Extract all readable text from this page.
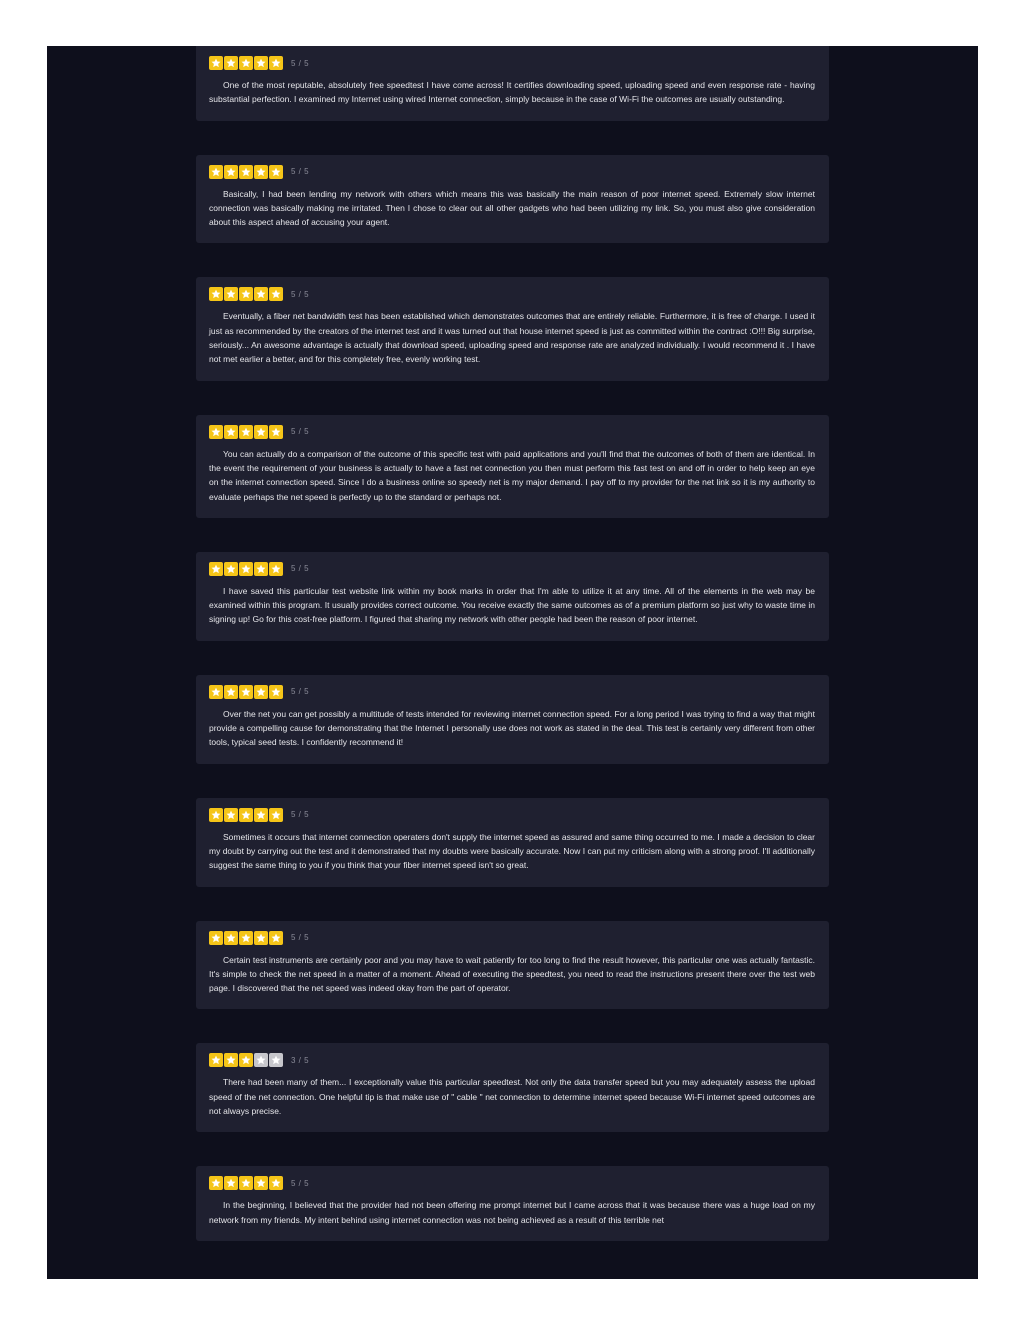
5 / 5

One of the most reputable, absolutely free speedtest I have come across! It certifies downloading speed, uploading speed and even response rate - having substantial perfection. I examined my Internet using wired Internet connection, simply because in the case of Wi-Fi the outcomes are usually outstanding.

5 / 5

Basically, I had been lending my network with others which means this was basically the main reason of poor internet speed. Extremely slow internet connection was basically making me irritated. Then I chose to clear out all other gadgets who had been utilizing my link. So, you must also give consideration about this aspect ahead of accusing your agent.

5 / 5

Eventually, a fiber net bandwidth test has been established which demonstrates outcomes that are entirely reliable. Furthermore, it is free of charge. I used it just as recommended by the creators of the internet test and it was turned out that house internet speed is just as committed within the contract :O!!! Big surprise, seriously... An awesome advantage is actually that download speed, uploading speed and response rate are analyzed individually. I would recommend it . I have not met earlier a better, and for this completely free, evenly working test.

5 / 5

You can actually do a comparison of the outcome of this specific test with paid applications and you'll find that the outcomes of both of them are identical. In the event the requirement of your business is actually to have a fast net connection you then must perform this fast test on and off in order to help keep an eye on the internet connection speed. Since I do a business online so speedy net is my major demand. I pay off to my provider for the net link so it is my authority to evaluate perhaps the net speed is perfectly up to the standard or perhaps not.

5 / 5

I have saved this particular test website link within my book marks in order that I'm able to utilize it at any time. All of the elements in the web may be examined within this program. It usually provides correct outcome. You receive exactly the same outcomes as of a premium platform so just why to waste time in signing up! Go for this cost-free platform. I figured that sharing my network with other people had been the reason of poor internet.

5 / 5

Over the net you can get possibly a multitude of tests intended for reviewing internet connection speed. For a long period I was trying to find a way that might provide a compelling cause for demonstrating that the Internet I personally use does not work as stated in the deal. This test is certainly very different from other tools, typical seed tests. I confidently recommend it!

5 / 5

Sometimes it occurs that internet connection operaters don't supply the internet speed as assured and same thing occurred to me. I made a decision to clear my doubt by carrying out the test and it demonstrated that my doubts were basically accurate. Now I can put my criticism along with a strong proof. I'll additionally suggest the same thing to you if you think that your fiber internet speed isn't so great.

5 / 5

Certain test instruments are certainly poor and you may have to wait patiently for too long to find the result however, this particular one was actually fantastic. It's simple to check the net speed in a matter of a moment. Ahead of executing the speedtest, you need to read the instructions present there over the test web page. I discovered that the net speed was indeed okay from the part of operator.

3 / 5

There had been many of them... I exceptionally value this particular speedtest. Not only the data transfer speed but you may adequately assess the upload speed of the net connection. One helpful tip is that make use of " cable " net connection to determine internet speed because Wi-Fi internet speed outcomes are not always precise.

5 / 5

In the beginning, I believed that the provider had not been offering me prompt internet but I came across that it was because there was a huge load on my network from my friends. My intent behind using internet connection was not being achieved as a result of this terrible net
